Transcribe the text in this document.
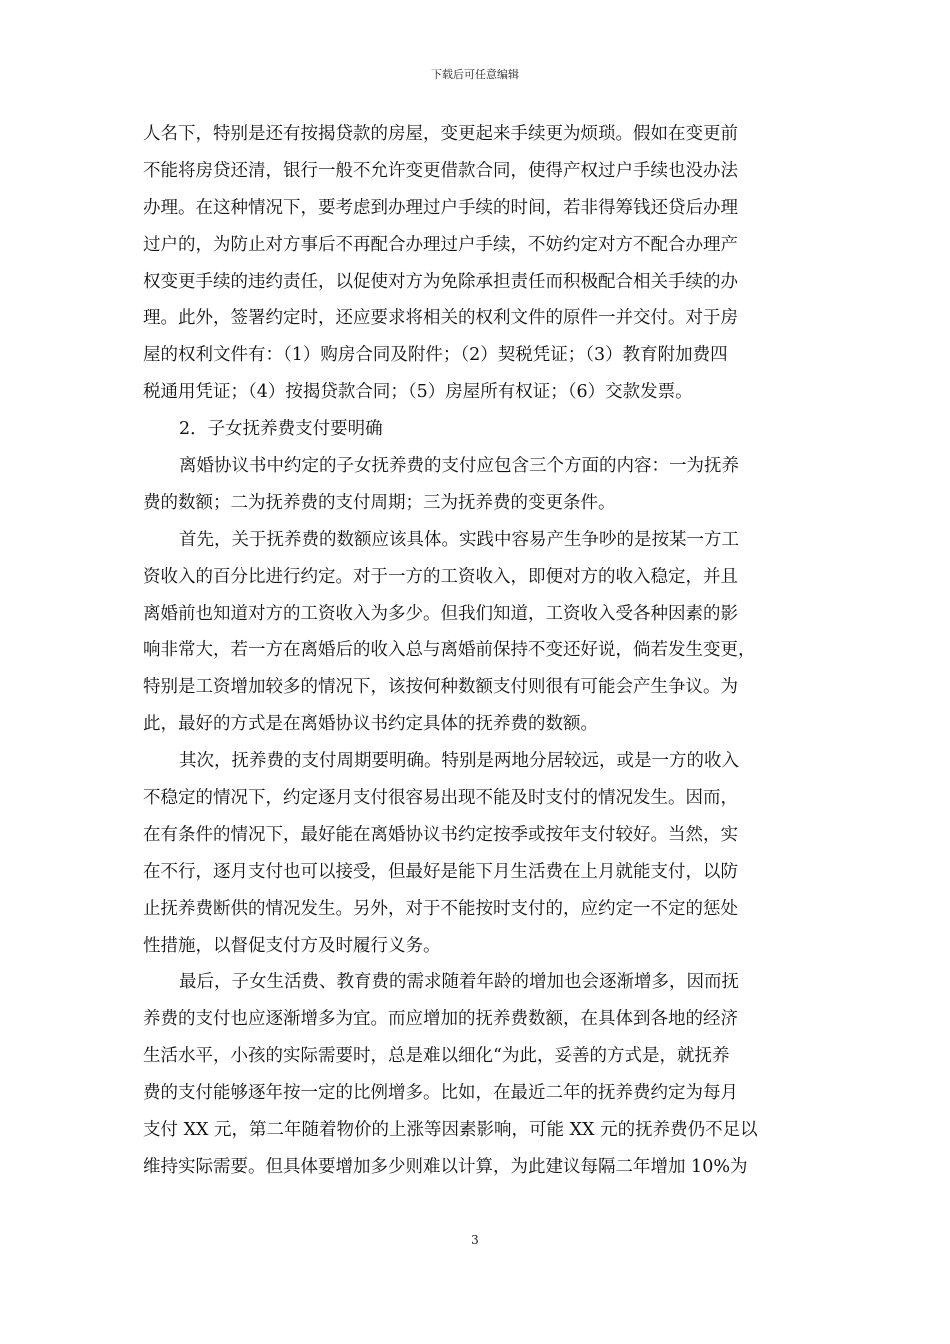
下载后可任意编辑
人名下，特别是还有按揭贷款的房屋，变更起来手续更为烦琐。假如在变更前
不能将房贷还清，银行一般不允许变更借款合同，使得产权过户手续也没办法
办理。在这种情况下，要考虑到办理过户手续的时间，若非得筹钱还贷后办理
过户的，为防止对方事后不再配合办理过户手续，不妨约定对方不配合办理产
权变更手续的违约责任，以促使对方为免除承担责任而积极配合相关手续的办
理。此外，签署约定时，还应要求将相关的权利文件的原件一并交付。对于房
屋的权利文件有：（1）购房合同及附件；（2）契税凭证；（3）教育附加费四
税通用凭证；（4）按揭贷款合同；（5）房屋所有权证；（6）交款发票。
2．子女抚养费支付要明确
离婚协议书中约定的子女抚养费的支付应包含三个方面的内容：一为抚养
费的数额；二为抚养费的支付周期；三为抚养费的变更条件。
首先，关于抚养费的数额应该具体。实践中容易产生争吵的是按某一方工
资收入的百分比进行约定。对于一方的工资收入，即便对方的收入稳定，并且
离婚前也知道对方的工资收入为多少。但我们知道，工资收入受各种因素的影
响非常大，若一方在离婚后的收入总与离婚前保持不变还好说，倘若发生变更，
特别是工资增加较多的情况下，该按何种数额支付则很有可能会产生争议。为
此，最好的方式是在离婚协议书约定具体的抚养费的数额。
其次，抚养费的支付周期要明确。特别是两地分居较远，或是一方的收入
不稳定的情况下，约定逐月支付很容易出现不能及时支付的情况发生。因而，
在有条件的情况下，最好能在离婚协议书约定按季或按年支付较好。当然，实
在不行，逐月支付也可以接受，但最好是能下月生活费在上月就能支付，以防
止抚养费断供的情况发生。另外，对于不能按时支付的，应约定一不定的惩处
性措施，以督促支付方及时履行义务。
最后，子女生活费、教育费的需求随着年龄的增加也会逐渐增多，因而抚
养费的支付也应逐渐增多为宜。而应增加的抚养费数额，在具体到各地的经济
生活水平，小孩的实际需要时，总是难以细化“为此，妥善的方式是，就抚养
费的支付能够逐年按一定的比例增多。比如，在最近二年的抚养费约定为每月
支付 XX 元，第二年随着物价的上涨等因素影响，可能 XX 元的抚养费仍不足以
维持实际需要。但具体要增加多少则难以计算，为此建议每隔二年增加 10%为
3
